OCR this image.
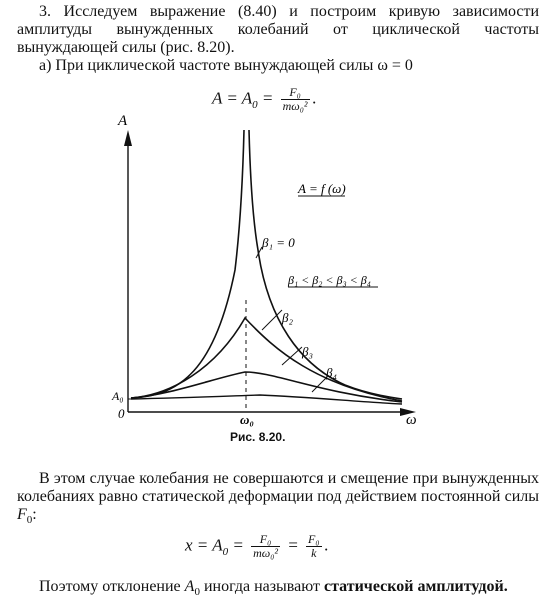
3. Исследуем выражение (8.40) и построим кривую зависимости амплитуды вынужденных колебаний от циклической частоты вынуждающей силы (рис. 8.20).

а) При циклической частоте вынуждающей силы ω = 0

$A = A_0 = \frac{\text{F₀}}{\text{mω₀²}}$ .
A
ω
0
A₀
ω₀
A = f (ω)
β₁ = 0
β₁ < β₂ < β₃ < β₄
β₂
β₃
β₄
Рис. 8.20.

В этом случае колебания не совершаются и смещение при вынужденных колебаниях равно статической деформации под действием постоянной силы $F_0$:

$x = A_0 = \frac{\text{F₀}}{\text{mω₀²}} = \frac{\text{F₀}}{k}$ .

Поэтому отклонение $A_0$ иногда называют статической амплитудой.
